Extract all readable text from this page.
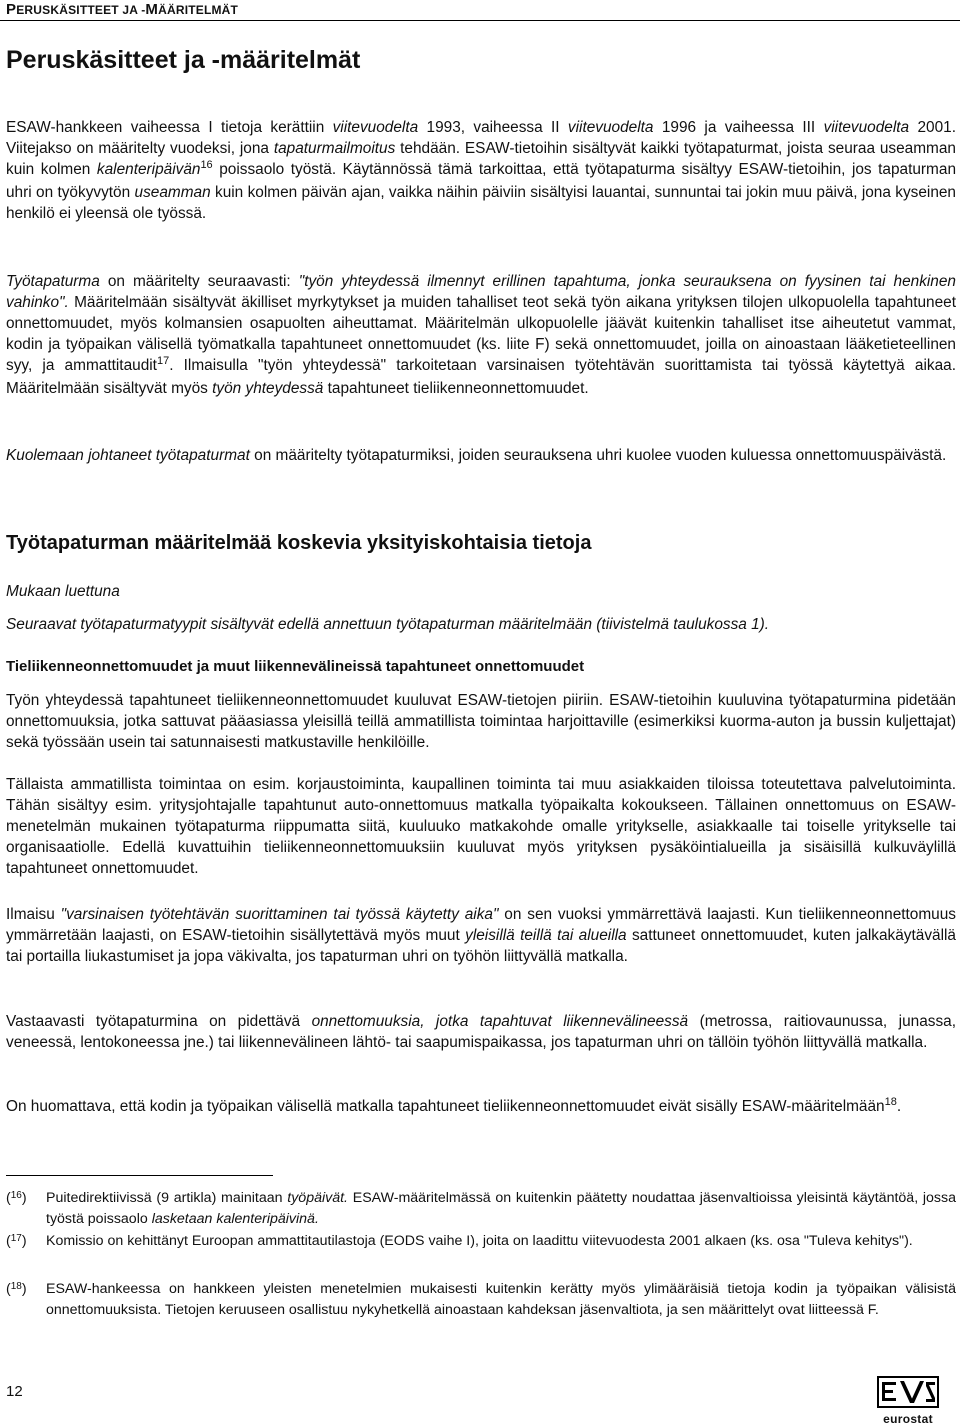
PERUSKÄSITTEET JA -MÄÄRITELMÄT
Peruskäsitteet ja -määritelmät

ESAW-hankkeen vaiheessa I tietoja kerättiin viitevuodelta 1993, vaiheessa II viitevuodelta 1996 ja vaiheessa III viitevuodelta 2001. Viitejakso on määritelty vuodeksi, jona tapaturmailmoitus tehdään. ESAW-tietoihin sisältyvät kaikki työtapaturmat, joista seuraa useamman kuin kolmen kalenteripäivän$^{16}$ poissaolo työstä. Käytännössä tämä tarkoittaa, että työtapaturma sisältyy ESAW-tietoihin, jos tapaturman uhri on työkyvytön useamman kuin kolmen päivän ajan, vaikka näihin päiviin sisältyisi lauantai, sunnuntai tai jokin muu päivä, jona kyseinen henkilö ei yleensä ole työssä.

Työtapaturma on määritelty seuraavasti: "työn yhteydessä ilmennyt erillinen tapahtuma, jonka seurauksena on fyysinen tai henkinen vahinko". Määritelmään sisältyvät äkilliset myrkytykset ja muiden tahalliset teot sekä työn aikana yrityksen tilojen ulkopuolella tapahtuneet onnettomuudet, myös kolmansien osapuolten aiheuttamat. Määritelmän ulkopuolelle jäävät kuitenkin tahalliset itse aiheutetut vammat, kodin ja työpaikan välisellä työmatkalla tapahtuneet onnettomuudet (ks. liite F) sekä onnettomuudet, joilla on ainoastaan lääketieteellinen syy, ja ammattitaudit$^{17}$. Ilmaisulla "työn yhteydessä" tarkoitetaan varsinaisen työtehtävän suorittamista tai työssä käytettyä aikaa. Määritelmään sisältyvät myös työn yhteydessä tapahtuneet tieliikenneonnettomuudet.

Kuolemaan johtaneet työtapaturmat on määritelty työtapaturmiksi, joiden seurauksena uhri kuolee vuoden kuluessa onnettomuuspäivästä.

Työtapaturman määritelmää koskevia yksityiskohtaisia tietoja

Mukaan luettuna

Seuraavat työtapaturmatyypit sisältyvät edellä annettuun työtapaturman määritelmään (tiivistelmä taulukossa 1).

Tieliikenneonnettomuudet ja muut liikennevälineissä tapahtuneet onnettomuudet

Työn yhteydessä tapahtuneet tieliikenneonnettomuudet kuuluvat ESAW-tietojen piiriin. ESAW-tietoihin kuuluvina työtapaturmina pidetään onnettomuuksia, jotka sattuvat pääasiassa yleisillä teillä ammatillista toimintaa harjoittaville (esimerkiksi kuorma-auton ja bussin kuljettajat) sekä työssään usein tai satunnaisesti matkustaville henkilöille.

Tällaista ammatillista toimintaa on esim. korjaustoiminta, kaupallinen toiminta tai muu asiakkaiden tiloissa toteutettava palvelutoiminta. Tähän sisältyy esim. yritysjohtajalle tapahtunut auto-onnettomuus matkalla työpaikalta kokoukseen. Tällainen onnettomuus on ESAW-menetelmän mukainen työtapaturma riippumatta siitä, kuuluuko matkakohde omalle yritykselle, asiakkaalle tai toiselle yritykselle tai organisaatiolle. Edellä kuvattuihin tieliikenneonnettomuuksiin kuuluvat myös yrityksen pysäköintialueilla ja sisäisillä kulkuväylillä tapahtuneet onnettomuudet.

Ilmaisu "varsinaisen työtehtävän suorittaminen tai työssä käytetty aika" on sen vuoksi ymmärrettävä laajasti. Kun tieliikenneonnettomuus ymmärretään laajasti, on ESAW-tietoihin sisällytettävä myös muut yleisillä teillä tai alueilla sattuneet onnettomuudet, kuten jalkakäytävällä tai portailla liukastumiset ja jopa väkivalta, jos tapaturman uhri on työhön liittyvällä matkalla.

Vastaavasti työtapaturmina on pidettävä onnettomuuksia, jotka tapahtuvat liikennevälineessä (metrossa, raitiovaunussa, junassa, veneessä, lentokoneessa jne.) tai liikennevälineen lähtö- tai saapumispaikassa, jos tapaturman uhri on tällöin työhön liittyvällä matkalla.

On huomattava, että kodin ja työpaikan välisellä matkalla tapahtuneet tieliikenneonnettomuudet eivät sisälly ESAW-määritelmään$^{18}$.

($^{16}$) Puitedirektiivissä (9 artikla) mainitaan työpäivät. ESAW-määritelmässä on kuitenkin päätetty noudattaa jäsenvaltioissa yleisintä käytäntöä, jossa työstä poissaolo lasketaan kalenteripäivinä.
($^{17}$) Komissio on kehittänyt Euroopan ammattitautilastoja (EODS vaihe I), joita on laadittu viitevuodesta 2001 alkaen (ks. osa "Tuleva kehitys").
($^{18}$) ESAW-hankeessa on hankkeen yleisten menetelmien mukaisesti kuitenkin kerätty myös ylimääräisiä tietoja kodin ja työpaikan välisistä onnettomuuksista. Tietojen keruuseen osallistuu nykyhetkellä ainoastaan kahdeksan jäsenvaltiota, ja sen määrittelyt ovat liitteessä F.
12
eurostat
